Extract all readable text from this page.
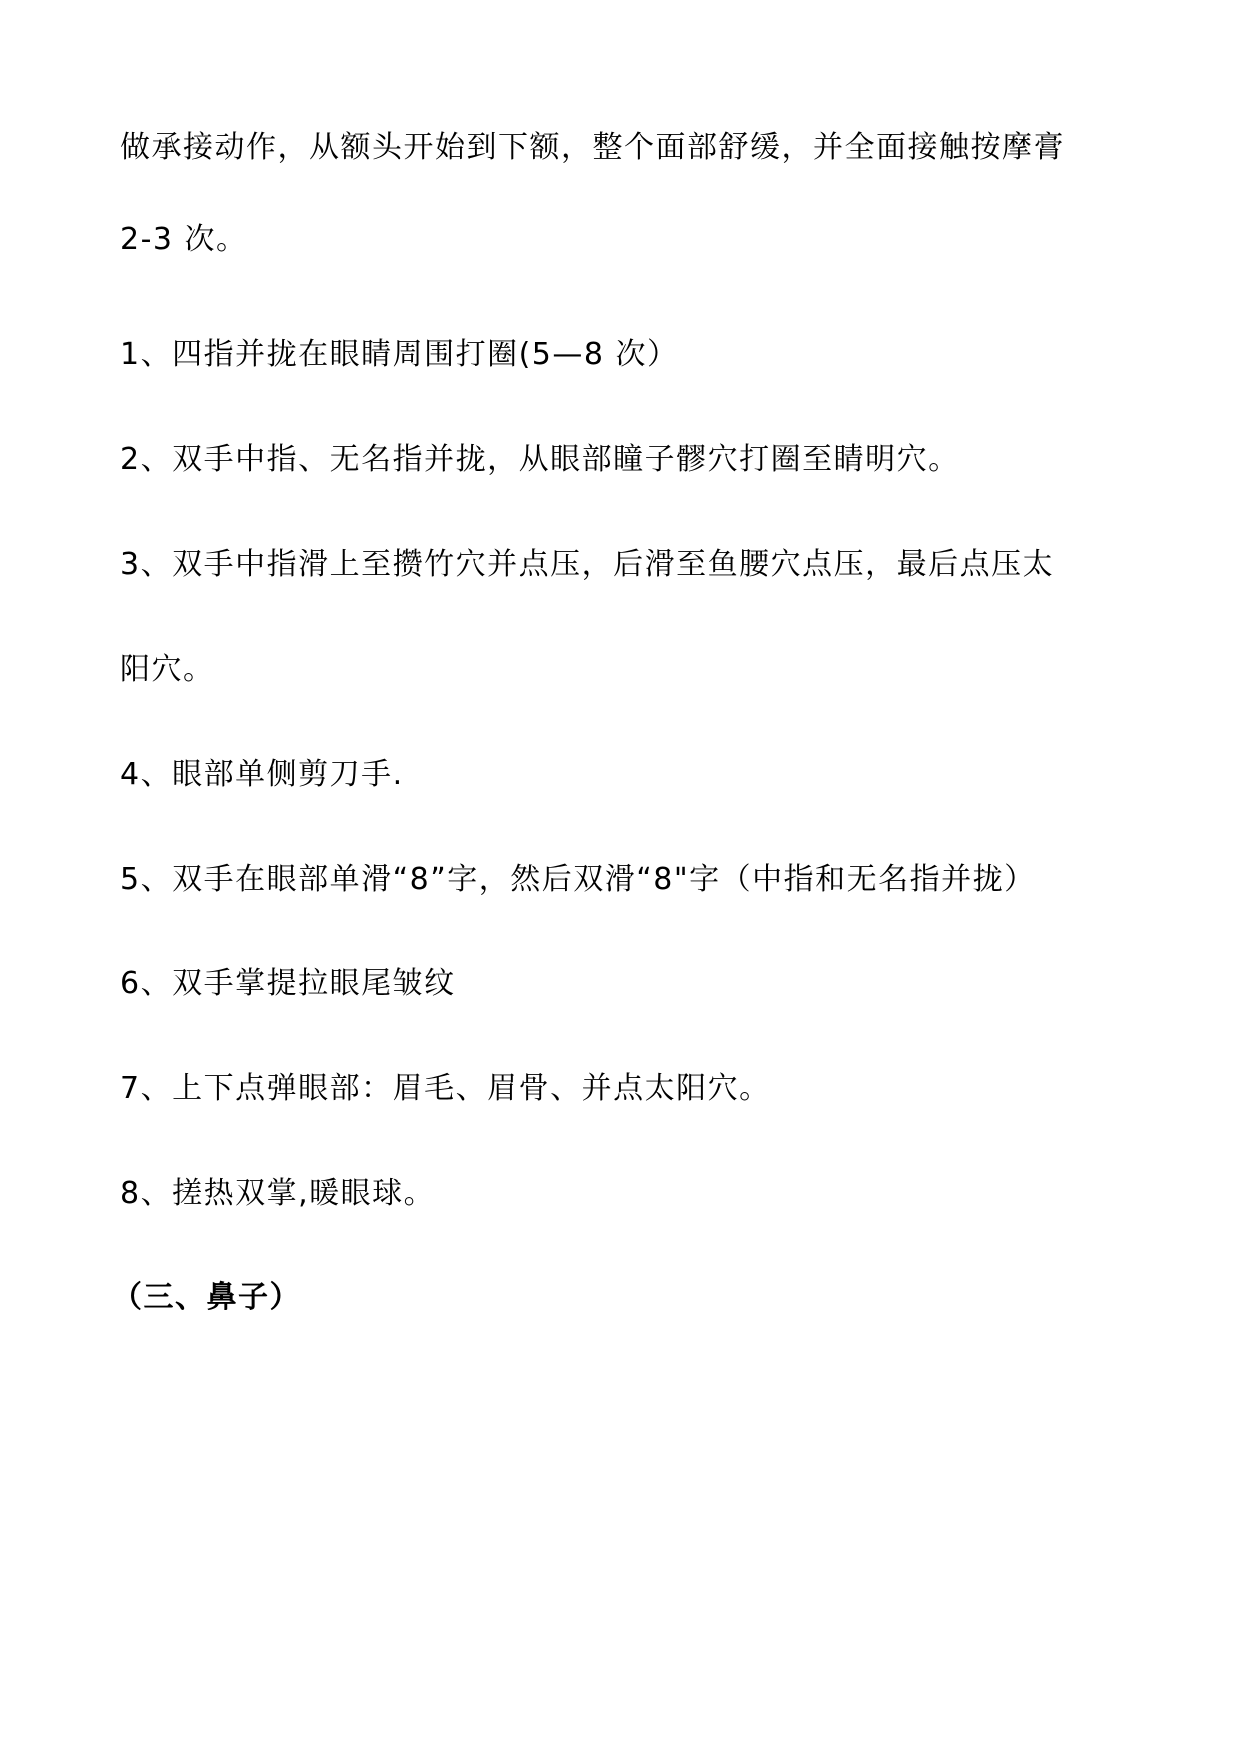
做承接动作，从额头开始到下额，整个面部舒缓，并全面接触按摩膏
2-3 次。
1、四指并拢在眼睛周围打圈(5—8 次）
2、双手中指、无名指并拢，从眼部瞳子髎穴打圈至睛明穴。
3、双手中指滑上至攒竹穴并点压，后滑至鱼腰穴点压，最后点压太
阳穴。
4、眼部单侧剪刀手.
5、双手在眼部单滑“8”字，然后双滑“8"字（中指和无名指并拢）
6、双手掌提拉眼尾皱纹
7、上下点弹眼部：眉毛、眉骨、并点太阳穴。
8、搓热双掌,暖眼球。
（三、鼻子）
